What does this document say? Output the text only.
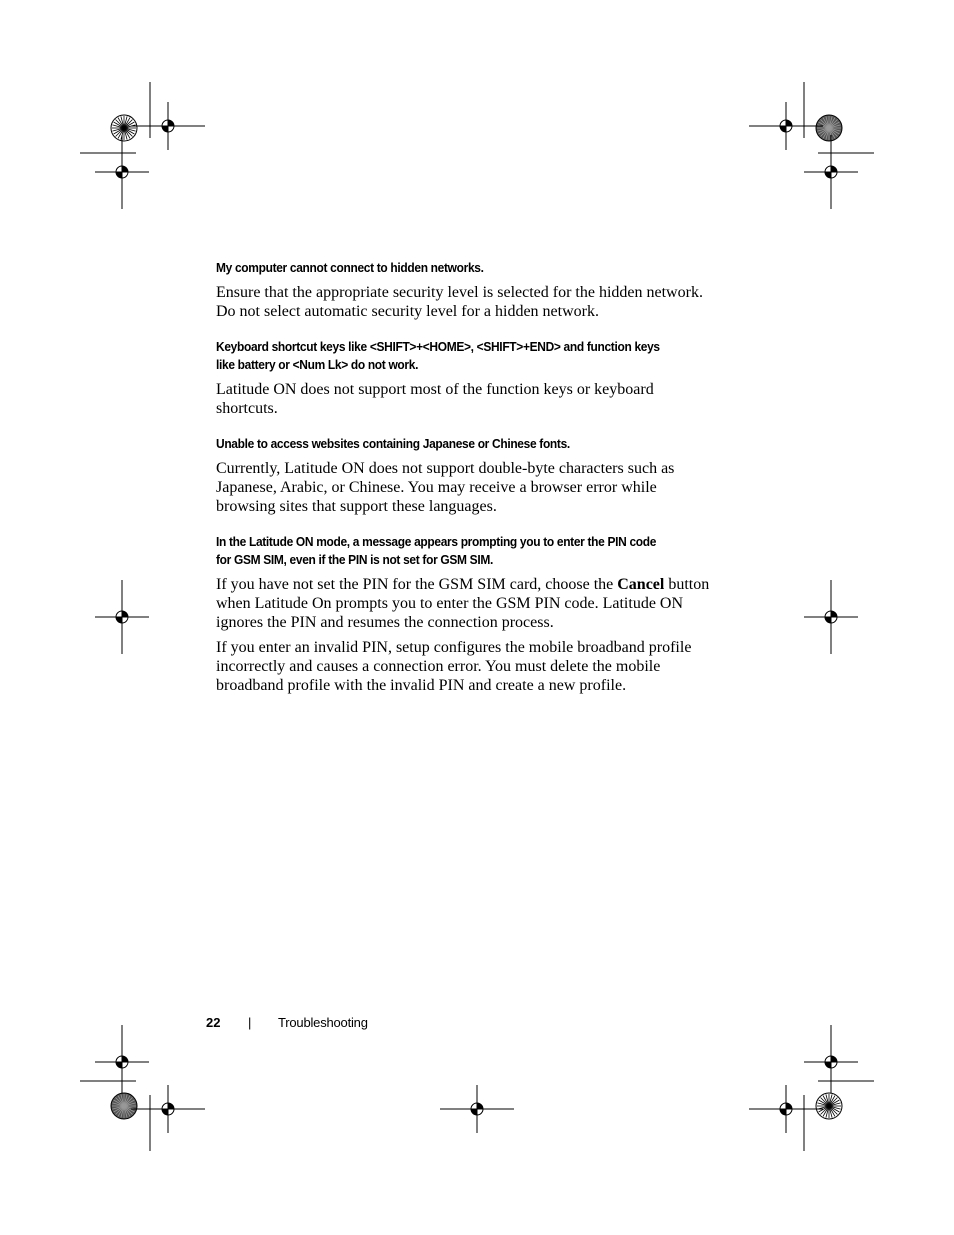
My computer cannot connect to hidden networks.

Ensure that the appropriate security level is selected for the hidden network. Do not select automatic security level for a hidden network.

Keyboard shortcut keys like <SHIFT>+<HOME>, <SHIFT>+END> and function keys
like battery or <Num Lk> do not work.

Latitude ON does not support most of the function keys or keyboard shortcuts.

Unable to access websites containing Japanese or Chinese fonts.

Currently, Latitude ON does not support double-byte characters such as Japanese, Arabic, or Chinese. You may receive a browser error while browsing sites that support these languages.

In the Latitude ON mode, a message appears prompting you to enter the PIN code
for GSM SIM, even if the PIN is not set for GSM SIM.

If you have not set the PIN for the GSM SIM card, choose the Cancel button when Latitude On prompts you to enter the GSM PIN code. Latitude ON ignores the PIN and resumes the connection process.

If you enter an invalid PIN, setup configures the mobile broadband profile incorrectly and causes a connection error. You must delete the mobile broadband profile with the invalid PIN and create a new profile.

22 | Troubleshooting
